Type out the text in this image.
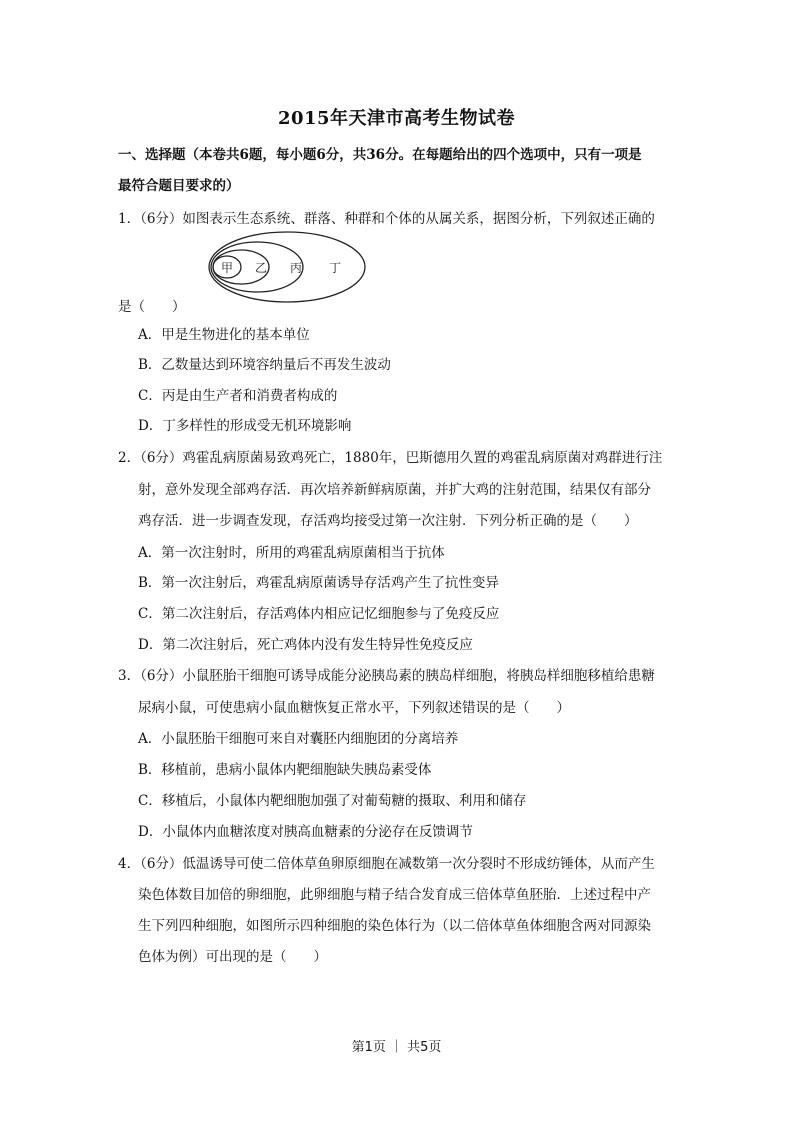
2015年天津市高考生物试卷
一、选择题（本卷共6题，每小题6分，共36分。在每题给出的四个选项中，只有一项是
最符合题目要求的）
1．（6分）如图表示生态系统、群落、种群和个体的从属关系，据图分析，下列叙述正确的
甲 乙 丙 丁
是（　　）
A．甲是生物进化的基本单位
B．乙数量达到环境容纳量后不再发生波动
C．丙是由生产者和消费者构成的
D．丁多样性的形成受无机环境影响
2．（6分）鸡霍乱病原菌易致鸡死亡，1880年，巴斯德用久置的鸡霍乱病原菌对鸡群进行注
射，意外发现全部鸡存活．再次培养新鲜病原菌，并扩大鸡的注射范围，结果仅有部分
鸡存活．进一步调查发现，存活鸡均接受过第一次注射．下列分析正确的是（　　）
A．第一次注射时，所用的鸡霍乱病原菌相当于抗体
B．第一次注射后，鸡霍乱病原菌诱导存活鸡产生了抗性变异
C．第二次注射后，存活鸡体内相应记忆细胞参与了免疫反应
D．第二次注射后，死亡鸡体内没有发生特异性免疫反应
3．（6分）小鼠胚胎干细胞可诱导成能分泌胰岛素的胰岛样细胞，将胰岛样细胞移植给患糖
尿病小鼠，可使患病小鼠血糖恢复正常水平，下列叙述错误的是（　　）
A．小鼠胚胎干细胞可来自对囊胚内细胞团的分离培养
B．移植前，患病小鼠体内靶细胞缺失胰岛素受体
C．移植后，小鼠体内靶细胞加强了对葡萄糖的摄取、利用和储存
D．小鼠体内血糖浓度对胰高血糖素的分泌存在反馈调节
4．（6分）低温诱导可使二倍体草鱼卵原细胞在减数第一次分裂时不形成纺锤体，从而产生
染色体数目加倍的卵细胞，此卵细胞与精子结合发育成三倍体草鱼胚胎．上述过程中产
生下列四种细胞，如图所示四种细胞的染色体行为（以二倍体草鱼体细胞含两对同源染
色体为例）可出现的是（　　）
第1页 ｜ 共5页
